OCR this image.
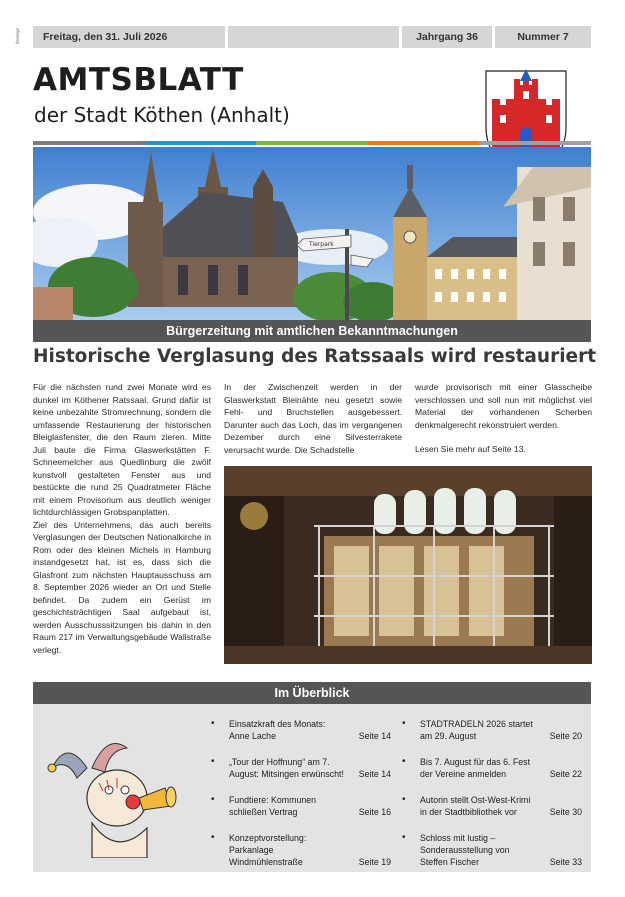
Anzeige	Freitag, den 31. Juli 2026	Jahrgang 36	Nummer 7
AMTSBLATT
der Stadt Köthen (Anhalt)
Tierpark
Bürgerzeitung mit amtlichen Bekanntmachungen
Historische Verglasung des Ratssaals wird restauriert

Für die nächsten rund zwei Monate wird es dunkel im Köthener Ratssaal. Grund dafür ist keine unbezahlte Stromrechnung, sondern die umfassende Restaurierung der historischen Bleiglasfenster, die den Raum zieren. Mitte Juli baute die Firma Glaswerkstätten F. Schneemelcher aus Quedlinburg die zwölf kunstvoll gestalteten Fenster aus und bestückte die rund 25 Quadratmeter Fläche mit einem Provisorium aus deutlich weniger lichtdurchlässigen Grobspanplatten.

Ziel des Unternehmens, das auch bereits Verglasungen der Deutschen Nationalkirche in Rom oder des kleinen Michels in Hamburg instandgesetzt hat, ist es, dass sich die Glasfront zum nächsten Hauptausschuss am 8. September 2026 wieder an Ort und Stelle befindet. Da zudem ein Gerüst im geschichtsträchtigen Saal aufgebaut ist, werden Ausschusssitzungen bis dahin in den Raum 217 im Verwaltungsgebäude Wallstraße verlegt.

In der Zwischenzeit werden in der Glaswerkstatt Bleinähte neu gesetzt sowie Fehl- und Bruchstellen ausgebessert. Darunter auch das Loch, das im vergangenen Dezember durch eine Silvesterrakete verursacht wurde. Die Schadstelle

wurde provisorisch mit einer Glasscheibe verschlossen und soll nun mit möglichst viel Material der vorhandenen Scherben denkmalgerecht rekonstruiert werden.

Lesen Sie mehr auf Seite 13.

Im Überblick
• Einsatzkraft des Monats: Anne Lache	Seite 14
• „Tour der Hoffnung“ am 7. August: Mitsingen erwünscht!	Seite 14
• Fundtiere: Kommunen schließen Vertrag	Seite 16
• Konzeptvorstellung: Parkanlage Windmühlenstraße	Seite 19
• STADTRADELN 2026 startet am 29. August	Seite 20
• Bis 7. August für das 6. Fest der Vereine anmelden	Seite 22
• Autorin stellt Ost-West-Krimi in der Stadtbibliothek vor	Seite 30
• Schloss mit lustig – Sonderausstellung von Steffen Fischer	Seite 33
